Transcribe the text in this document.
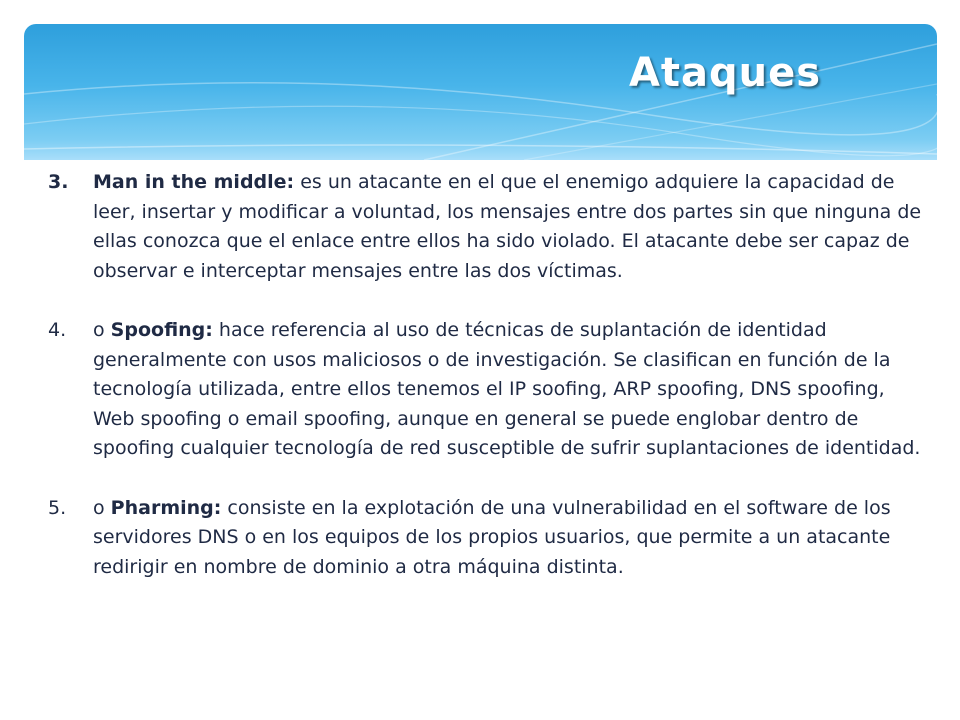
Ataques
3. Man in the middle: es un atacante en el que el enemigo adquiere la capacidad de leer, insertar y modificar a voluntad, los mensajes entre dos partes sin que ninguna de ellas conozca que el enlace entre ellos ha sido violado. El atacante debe ser capaz de observar e interceptar mensajes entre las dos víctimas.
4. o Spoofing: hace referencia al uso de técnicas de suplantación de identidad generalmente con usos maliciosos o de investigación. Se clasifican en función de la tecnología utilizada, entre ellos tenemos el IP soofing, ARP spoofing, DNS spoofing, Web spoofing o email spoofing, aunque en general se puede englobar dentro de spoofing cualquier tecnología de red susceptible de sufrir suplantaciones de identidad.
5. o Pharming: consiste en la explotación de una vulnerabilidad en el software de los servidores DNS o en los equipos de los propios usuarios, que permite a un atacante redirigir en nombre de dominio a otra máquina distinta.
